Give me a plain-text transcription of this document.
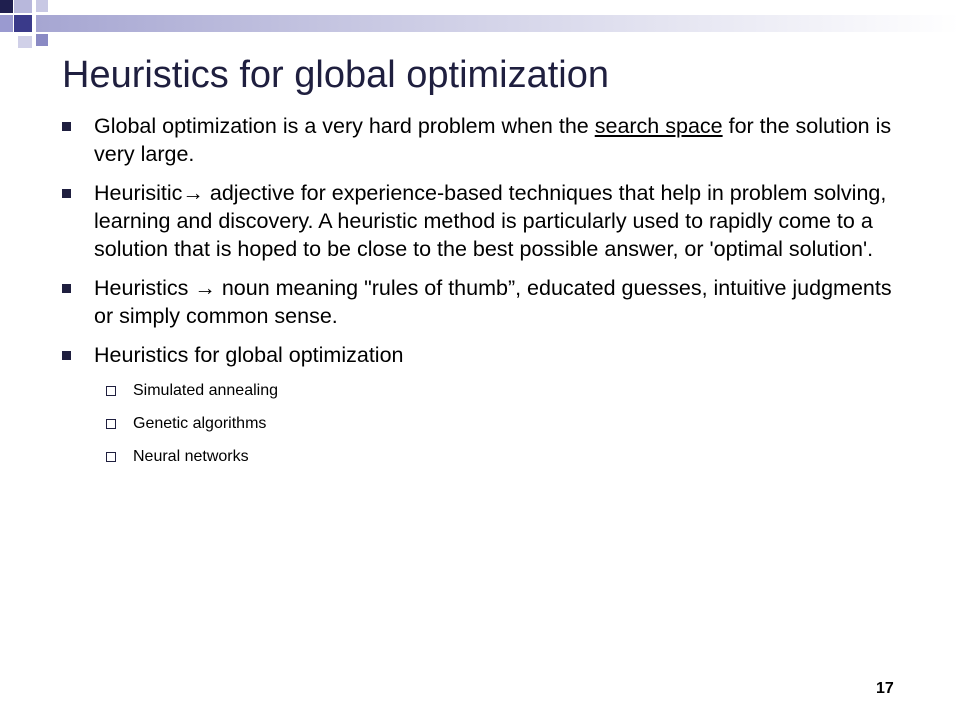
Heuristics for global optimization
Global optimization is a very hard problem when the search space for the solution is very large.
Heurisitic→ adjective for experience-based techniques that help in problem solving, learning and discovery. A heuristic method is particularly used to rapidly come to a solution that is hoped to be close to the best possible answer, or 'optimal solution'.
Heuristics → noun meaning "rules of thumb”, educated guesses, intuitive judgments or simply common sense.
Heuristics for global optimization
Simulated annealing
Genetic algorithms
Neural networks
17
